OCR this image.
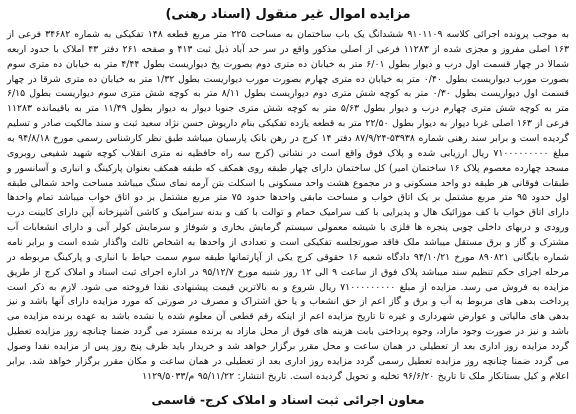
مزایده اموال غیر منقول (اسناد رهنی)

به موجب پرونده اجرائی کلاسه ۹۱۰۱۱۰۹ ششدانگ یک باب ساختمان به مساحت ۲۲۵ متر مربع قطعه ۱۴۸ تفکیکی به شماره ۳۴۶۸۲ فرعی از ۱۶۳ اصلی مفروز و مجزی شده از ۱۱۲۸۳ فرعی از اصلی مذکور واقع در سر حد آباد ذیل ثبت ۴۱۳ و صفحه ۲۶۱ دفتر ۴۳ املاک با حدود اربعه شمالا در چهار قسمت اول درب و دیوار بطول ۶/۰۱ متر به خیابان ده متری دوم بصورت پخ دیواریست بطول ۴/۴۴ متر به خیابان ده متری سوم بصورت مورب دیواریست بطول ۰/۴۰ متر به خیابان ده متری چهارم بصورت مورب دیواریست بطول ۱/۳۲ متر به خیابان ده متری شرقا در چهار قسمت اول دیواریست بطول ۰/۳۰ متر به کوچه شش متری دوم دیواریست بطول ۸/۱۱ متر به کوچه شش متری سوم دیواریست بطول ۶/۱۵ متر به کوچه شش متری چهارم درب و دیوار بطول ۵/۶۳ متر به کوچه شش متری جنوبا دیوار به دیوار بطول ۱۱/۴۹ متر به باقیمانده ۱۱۲۸۳ فرعی از ۱۶۳ اصلی غربا دیوار به دیوار بطول ۲۲/۵۰ متر به قطعه یازده تفکیکی بنام داریوش حسن نژاد سعید ثبت و سند مالکیت صادر و تسلیم گردیده است و برابر سند رهنی شماره ۵۳۹۳۸-۸۷/۹/۲۴ دفتر ۱۴ کرج در رهن بانک پارسیان میباشد طبق نظر کارشناس رسمی مورخ ۹۴/۸/۱۸ به مبلغ ۷۱۰۰۰۰۰۰۰۰۰ ریال ارزیابی شده و پلاک فوق واقع است در نشانی (کرج سه راه حافظیه نه متری انقلاب کوچه شهید شفیعی روبروی مسجد چهارده معصوم پلاک ۱۶ ساختمان امیر) کل ساختمان دارای چهار طبقه روی همکف که طبقه همکف بعنوان پارکینگ و انباری و آسانسور و طبقات فوقانی هر طبقه دو واحد مسکونی و در مجموع هشت واحد مسکونی با اسکلت بتن آرمه نمای سنگ میباشد مساحت واحد شمالی طبقه اول حدود ۹۵ متر مربع مشتمل بر یک اتاق خواب و مساحت مابقی واحدها حدود ۷۵ متر مربع مشتمل بر دو اتاق خواب میباشد تمام واحدها دارای اتاق خواب با کف موزائیک هال و پذیرایی با کف سرامیک حمام و توالت با کف و بدنه سرامیک و کاشی آشپزخانه آپن دارای کابینت درب ورودی و دربهای داخلی چوبی پنجره ها فلزی با شیشه معمولی سیستم گرمایش بخاری و شوفاژ و سرمایش کولر آبی و دارای انشعابات آب مشترک و گاز و برق مستقل میباشد ملک فاقد صورتجلسه تفکیکی است و تعدادی از واحدها به اشخاص ثالث واگذار شده است و برابر نامه شماره بایگانی ۸۹۰۸۲۱ مورخ ۹۴/۱۰/۲۱ دادگاه شعبه ۱۶ حقوقی کرج یکی از آپارتمانها طبقه سوم سمت حیاط با انباری و پارکینگ مربوطه در مرحله اجرای حکم تنظیم سند میباشد پلاک فوق از ساعت ۹ الی ۱۲ روز شنبه مورخ ۹۵/۱۲/۷ در اداره اجرای ثبت اسناد و املاک کرج از طریق مزایده به فروش می رسد. مزایده از مبلغ ۷۱۰۰۰۰۰۰۰۰۰ ریال شروع و به بالاترین قیمت پیشنهادی نقدا فروخته می شود. لازم به ذکر است پرداخت بدهی های مربوط به آب و برق و گاز اعم از حق انشعاب و یا حق اشتراک و مصرف در صورتی که مورد مزایده دارای آنها باشد و نیز بدهی های مالیاتی و عوارض شهرداری و غیره تا تاریخ مزایده اعم از اینکه رقم قطعی آن معلوم شده یا نشده باشد به عهده برنده مزایده می باشد و نیز در صورت وجود مازاد، وجوه پرداختی بابت هزینه های فوق از محل مازاد به برنده مسترد می گردد ضمنا چنانچه روز مزایده تعطیل گردد مزایده روز اداری بعد از تعطیلی در همان ساعت و محل مقرر برگزار خواهد شد و خریدار باید ظرف پنج روز پس از مزایده نقدا وصول می گردد ضمنا چنانچه روز مزایده تعطیل رسمی گردد مزایده روز اداری بعد از تعطیلی در همان ساعت و مکان مقرر برگزار خواهد شد. برابر اعلام و کیل بستانکار ملک تا تاریخ ۹۶/۶/۲۰ تخلیه و تحویل گردیده است. تاریخ انتشار: ۹۵/۱۱/۲۲ م/۱۱۲۹/۵۰۳۳

معاون اجرائی ثبت اسناد و املاک کرج- قاسمی
